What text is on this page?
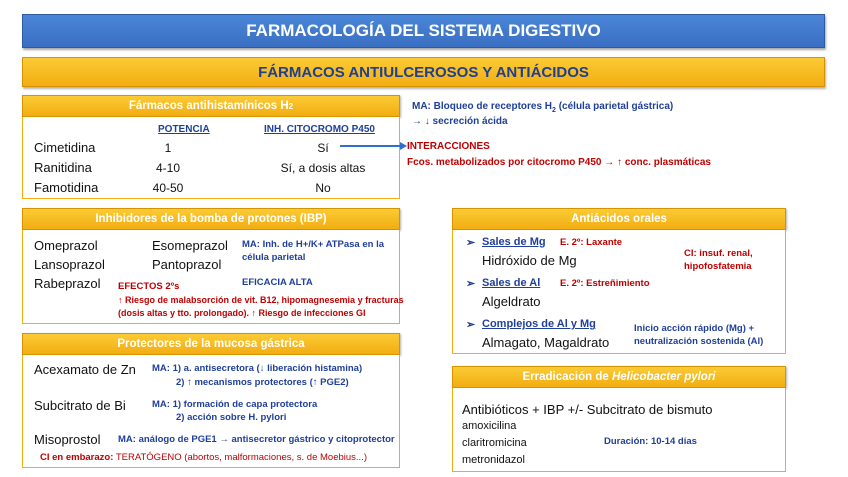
FARMACOLOGÍA DEL SISTEMA DIGESTIVO
FÁRMACOS ANTIULCEROSOS Y ANTIÁCIDOS
Fármacos antihistamínicos H 2
POTENCIA	INH. CITOCROMO P450
Cimetidina	1	Sí
Ranitidina	4-10	Sí, a dosis altas
Famotidina	40-50	No
MA: Bloqueo de receptores $H_2$ (célula parietal gástrica)
→ ↓ secreción ácida
INTERACCIONES
Fcos. metabolizados por citocromo P450 → ↑ conc. plasmáticas
Inhibidores de la bomba de protones (IBP)
Omeprazol
Lansoprazol
Rabeprazol
Esomeprazol
Pantoprazol
MA: Inh. de H+/K+ ATPasa en la célula parietal
EFICACIA ALTA
EFECTOS 2ºs
↑ Riesgo de malabsorción de vit. B12, hipomagnesemia y fracturas
(dosis altas y tto. prolongado). ↑ Riesgo de infecciones GI
Protectores de la mucosa gástrica
Acexamato de Zn MA: 1) a. antisecretora (↓ liberación histamina)
2) ↑ mecanismos protectores (↑ PGE2)
Subcitrato de Bi	MA: 1) formación de capa protectora
2) acción sobre H. pylori
Misoprostol MA: análogo de PGE1 → antisecretor gástrico y citoprotector
CI en embarazo: TERATÓGENO (abortos, malformaciones, s. de Moebius...)
Antiácidos orales
➢ Sales de Mg E. 2º: Laxante
Hidróxido de Mg	CI: insuf. renal, hipofosfatemia
➢ Sales de Al E. 2º: Estreñimiento
Algeldrato
➢ Complejos de Al y Mg
Almagato, Magaldrato
Inicio acción rápido (Mg) + neutralización sostenida (Al)
Erradicación de
Helicobacter pylori
Antibióticos + IBP +/- Subcitrato de bismuto
amoxicilina
claritromicina
metronidazol
Duración: 10-14 días
